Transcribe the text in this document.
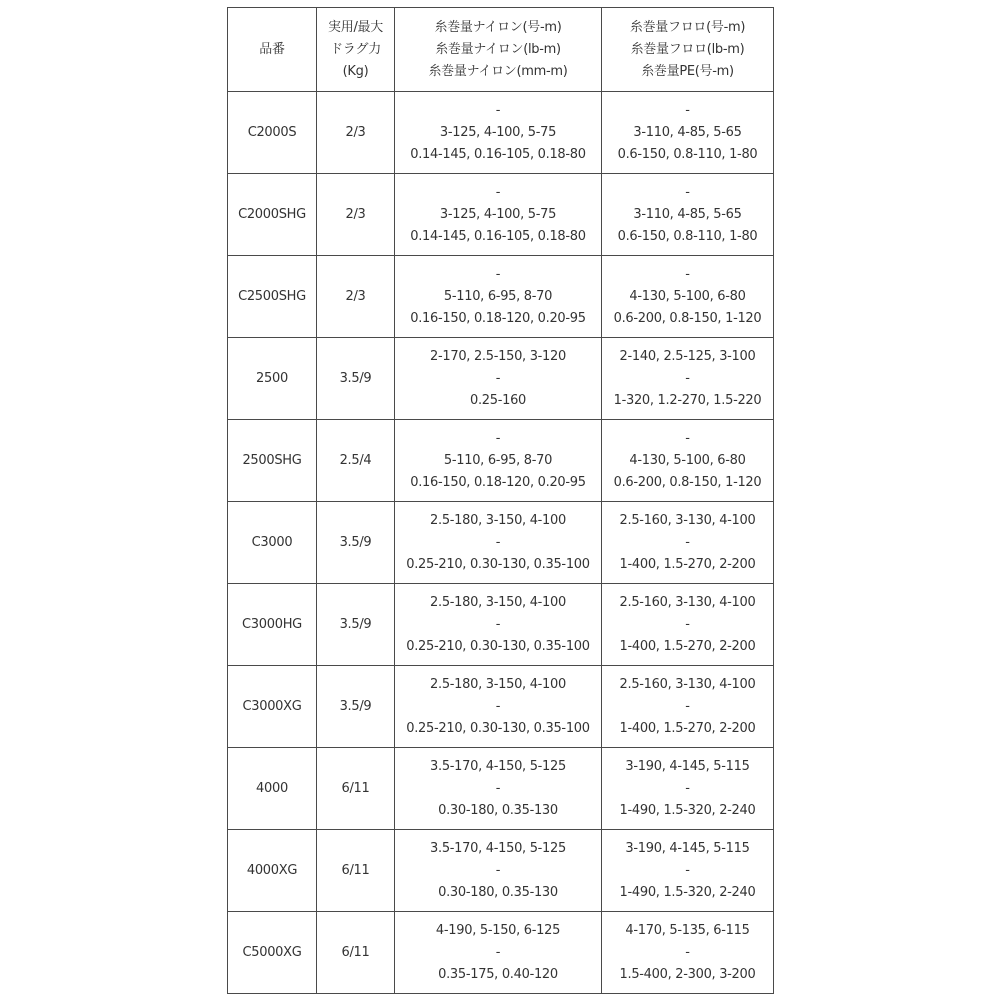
品番	実用/最大
ドラグ力
(Kg)	糸巻量ナイロン(号-m)
糸巻量ナイロン(lb-m)
糸巻量ナイロン(mm-m)	糸巻量フロロ(号-m)
糸巻量フロロ(lb-m)
糸巻量PE(号-m)

C2000S	2/3	-
3-125, 4-100, 5-75
0.14-145, 0.16-105, 0.18-80	-
3-110, 4-85, 5-65
0.6-150, 0.8-110, 1-80

C2000SHG	2/3	-
3-125, 4-100, 5-75
0.14-145, 0.16-105, 0.18-80	-
3-110, 4-85, 5-65
0.6-150, 0.8-110, 1-80

C2500SHG	2/3	-
5-110, 6-95, 8-70
0.16-150, 0.18-120, 0.20-95	-
4-130, 5-100, 6-80
0.6-200, 0.8-150, 1-120

2500	3.5/9	2-170, 2.5-150, 3-120
-
0.25-160	2-140, 2.5-125, 3-100
-
1-320, 1.2-270, 1.5-220

2500SHG	2.5/4	-
5-110, 6-95, 8-70
0.16-150, 0.18-120, 0.20-95	-
4-130, 5-100, 6-80
0.6-200, 0.8-150, 1-120

C3000	3.5/9	2.5-180, 3-150, 4-100
-
0.25-210, 0.30-130, 0.35-100	2.5-160, 3-130, 4-100
-
1-400, 1.5-270, 2-200

C3000HG	3.5/9	2.5-180, 3-150, 4-100
-
0.25-210, 0.30-130, 0.35-100	2.5-160, 3-130, 4-100
-
1-400, 1.5-270, 2-200

C3000XG	3.5/9	2.5-180, 3-150, 4-100
-
0.25-210, 0.30-130, 0.35-100	2.5-160, 3-130, 4-100
-
1-400, 1.5-270, 2-200

4000	6/11	3.5-170, 4-150, 5-125
-
0.30-180, 0.35-130	3-190, 4-145, 5-115
-
1-490, 1.5-320, 2-240

4000XG	6/11	3.5-170, 4-150, 5-125
-
0.30-180, 0.35-130	3-190, 4-145, 5-115
-
1-490, 1.5-320, 2-240

C5000XG	6/11	4-190, 5-150, 6-125
-
0.35-175, 0.40-120	4-170, 5-135, 6-115
-
1.5-400, 2-300, 3-200
